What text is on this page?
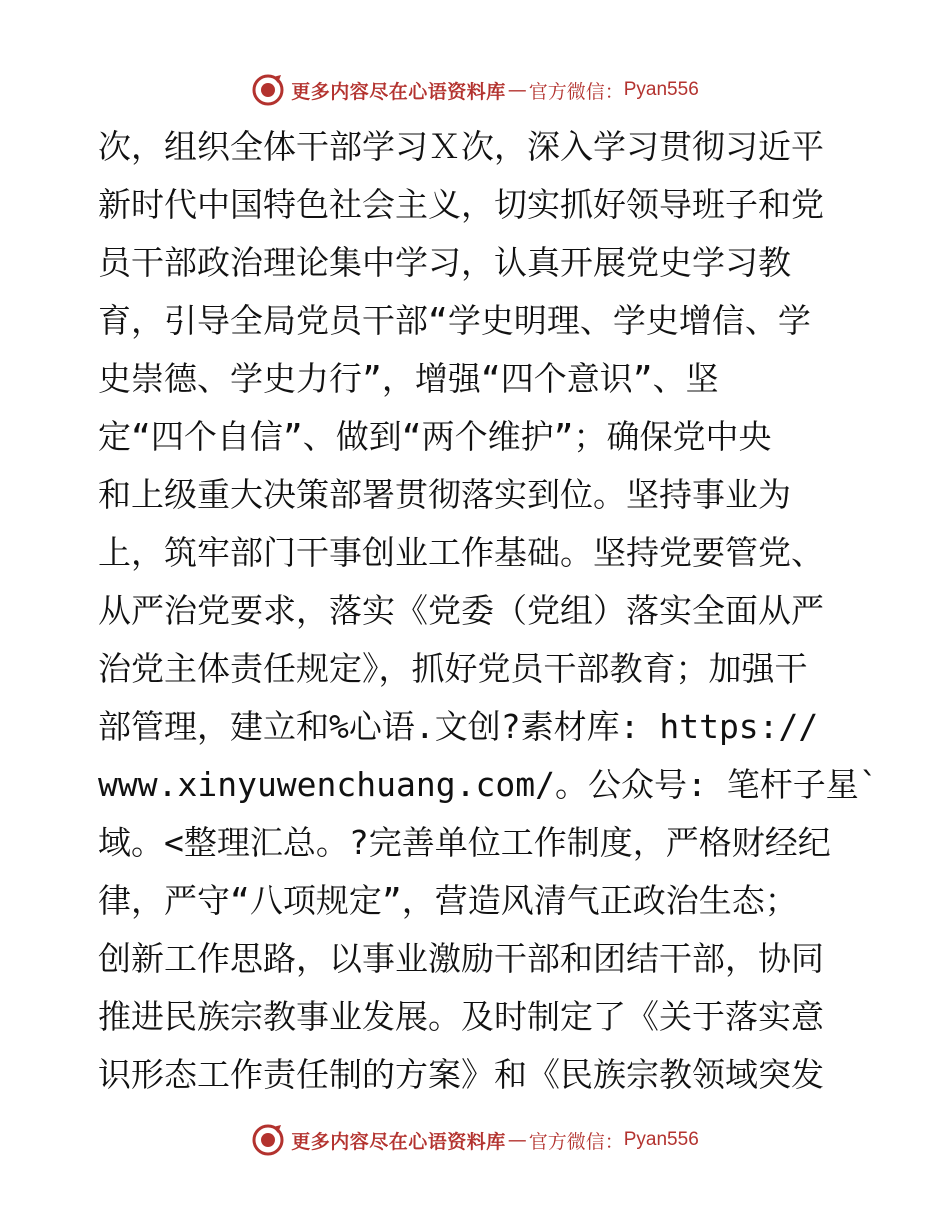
更多内容尽在心语资料库 — 官方微信： Pyan556
次，组织全体干部学习Ｘ次，深入学习贯彻习近平
新时代中国特色社会主义，切实抓好领导班子和党
员干部政治理论集中学习，认真开展党史学习教
育，引导全局党员干部“学史明理、学史增信、学
史崇德、学史力行”，增强“四个意识”、坚
定“四个自信”、做到“两个维护”；确保党中央
和上级重大决策部署贯彻落实到位。坚持事业为
上，筑牢部门干事创业工作基础。坚持党要管党、
从严治党要求，落实《党委（党组）落实全面从严
治党主体责任规定》，抓好党员干部教育；加强干
部管理，建立和%心语.文创?素材库: https://
www.xinyuwenchuang.com/。公众号: 笔杆子星`
域。<整理汇总。?完善单位工作制度，严格财经纪
律，严守“八项规定”，营造风清气正政治生态；
创新工作思路，以事业激励干部和团结干部，协同
推进民族宗教事业发展。及时制定了《关于落实意
识形态工作责任制的方案》和《民族宗教领域突发
更多内容尽在心语资料库 — 官方微信： Pyan556
